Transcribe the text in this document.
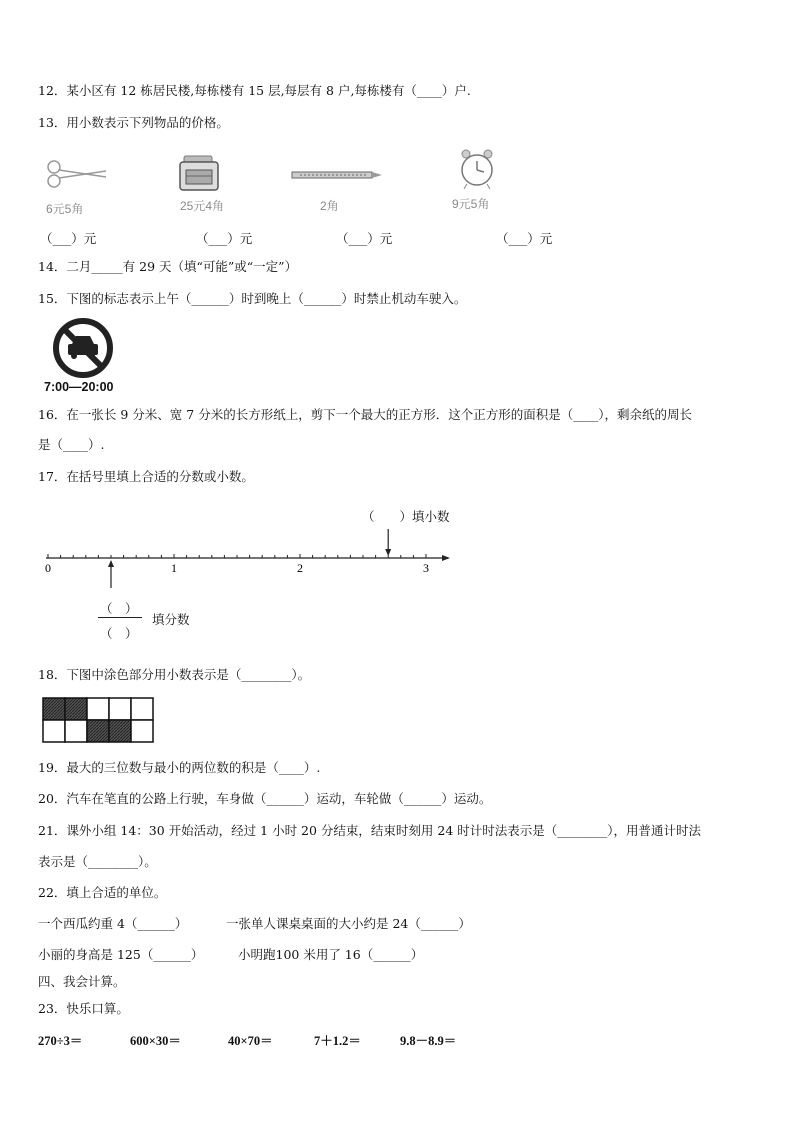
12．某小区有 12 栋居民楼,每栋楼有 15 层,每层有 8 户,每栋楼有（____）户.
13．用小数表示下列物品的价格。
6元5角	25元4角	2角	9元5角
（___）元	（___）元	（___）元	（___）元
14．二月_____有 29 天（填“可能”或“一定”）
15．下图的标志表示上午（______）时到晚上（______）时禁止机动车驶入。
7:00—20:00
16．在一张长 9 分米、宽 7 分米的长方形纸上，剪下一个最大的正方形．这个正方形的面积是（____），剩余纸的周长
是（____）.
17．在括号里填上合适的分数或小数。
（　　）填小数
0	1	2	3
（　）
（　）
填分数
18．下图中涂色部分用小数表示是（________）。
19．最大的三位数与最小的两位数的积是（____）.
20．汽车在笔直的公路上行驶，车身做（______）运动，车轮做（______）运动。
21．课外小组 14：30 开始活动，经过 1 小时 20 分结束，结束时刻用 24 时计时法表示是（________），用普通计时法
表示是（________）。
22．填上合适的单位。
一个西瓜约重 4（______）	一张单人课桌桌面的大小约是 24（______）
小丽的身高是 125（______）	小明跑100 米用了 16（______）
四、我会计算。
23．快乐口算。
270÷3＝	600×30＝	40×70＝	7＋1.2＝	9.8－8.9＝
